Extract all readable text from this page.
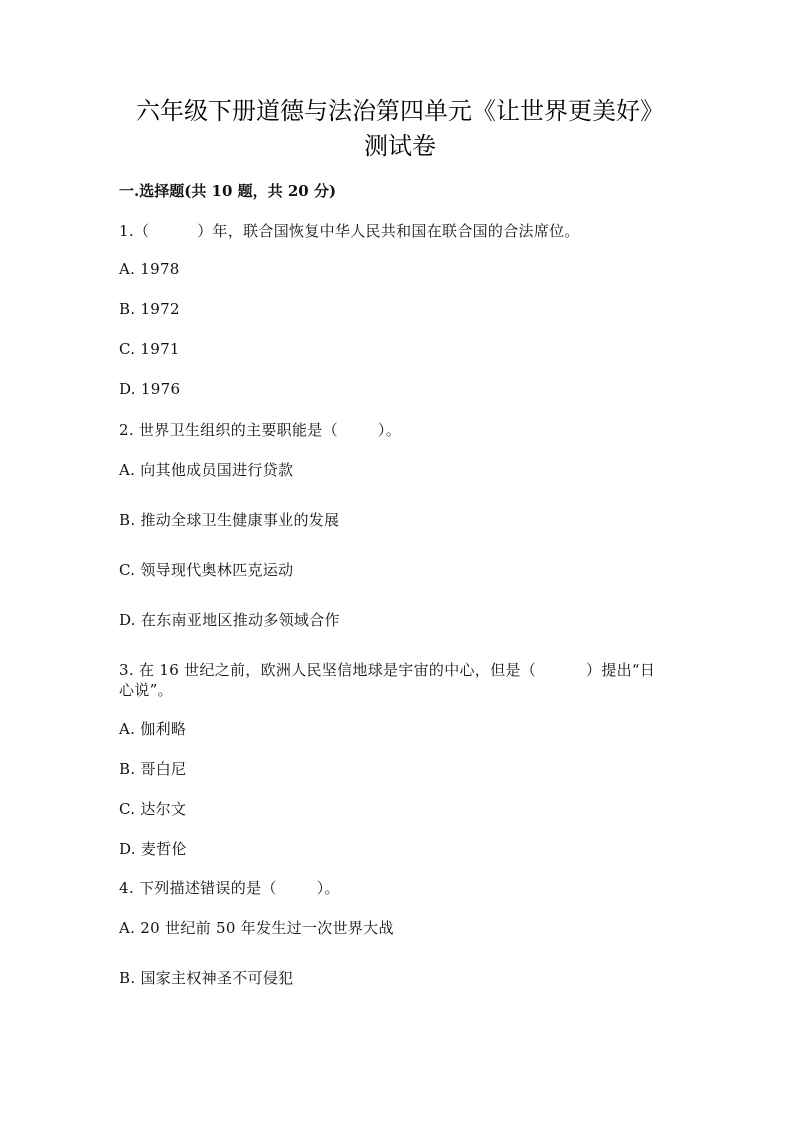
六年级下册道德与法治第四单元《让世界更美好》
测试卷
一.选择题(共 10 题，共 20 分)
1.（	）年，联合国恢复中华人民共和国在联合国的合法席位。
A. 1978
B. 1972
C. 1971
D. 1976
2. 世界卫生组织的主要职能是（	）。
A. 向其他成员国进行贷款
B. 推动全球卫生健康事业的发展
C. 领导现代奥林匹克运动
D. 在东南亚地区推动多领域合作
3. 在 16 世纪之前，欧洲人民坚信地球是宇宙的中心，但是（	）提出“日
心说”。
A. 伽利略
B. 哥白尼
C. 达尔文
D. 麦哲伦
4. 下列描述错误的是（	）。
A. 20 世纪前 50 年发生过一次世界大战
B. 国家主权神圣不可侵犯
